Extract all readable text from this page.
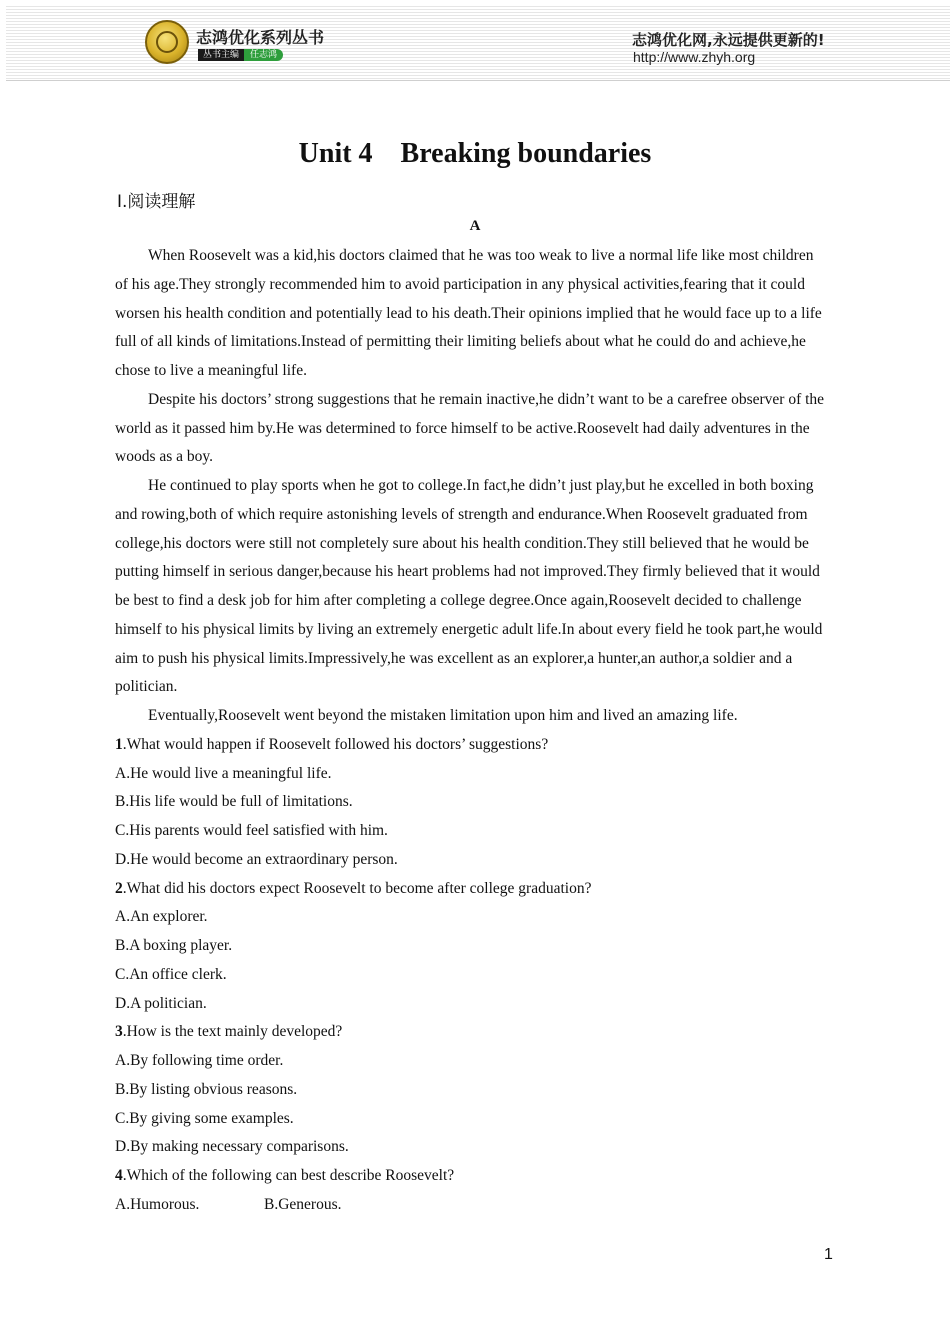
志鸿优化系列丛书
丛书主编	任志鸿
志鸿优化网,永远提供更新的!
http://www.zhyh.org
Unit 4    Breaking boundaries
Ⅰ.阅读理解
A

When Roosevelt was a kid,his doctors claimed that he was too weak to live a normal life like most children of his age.They strongly recommended him to avoid participation in any physical activities,fearing that it could worsen his health condition and potentially lead to his death.Their opinions implied that he would face up to a life full of all kinds of limitations.Instead of permitting their limiting beliefs about what he could do and achieve,he chose to live a meaningful life.

Despite his doctors’ strong suggestions that he remain inactive,he didn’t want to be a carefree observer of the world as it passed him by.He was determined to force himself to be active.Roosevelt had daily adventures in the woods as a boy.

He continued to play sports when he got to college.In fact,he didn’t just play,but he excelled in both boxing and rowing,both of which require astonishing levels of strength and endurance.When Roosevelt graduated from college,his doctors were still not completely sure about his health condition.They still believed that he would be putting himself in serious danger,because his heart problems had not improved.They firmly believed that it would be best to find a desk job for him after completing a college degree.Once again,Roosevelt decided to challenge himself to his physical limits by living an extremely energetic adult life.In about every field he took part,he would aim to push his physical limits.Impressively,he was excellent as an explorer,a hunter,an author,a soldier and a politician.

Eventually,Roosevelt went beyond the mistaken limitation upon him and lived an amazing life.

1.What would happen if Roosevelt followed his doctors’ suggestions?

A.He would live a meaningful life.

B.His life would be full of limitations.

C.His parents would feel satisfied with him.

D.He would become an extraordinary person.

2.What did his doctors expect Roosevelt to become after college graduation?

A.An explorer.

B.A boxing player.

C.An office clerk.

D.A politician.

3.How is the text mainly developed?

A.By following time order.

B.By listing obvious reasons.

C.By giving some examples.

D.By making necessary comparisons.

4.Which of the following can best describe Roosevelt?

A.Humorous.	B.Generous.

1
